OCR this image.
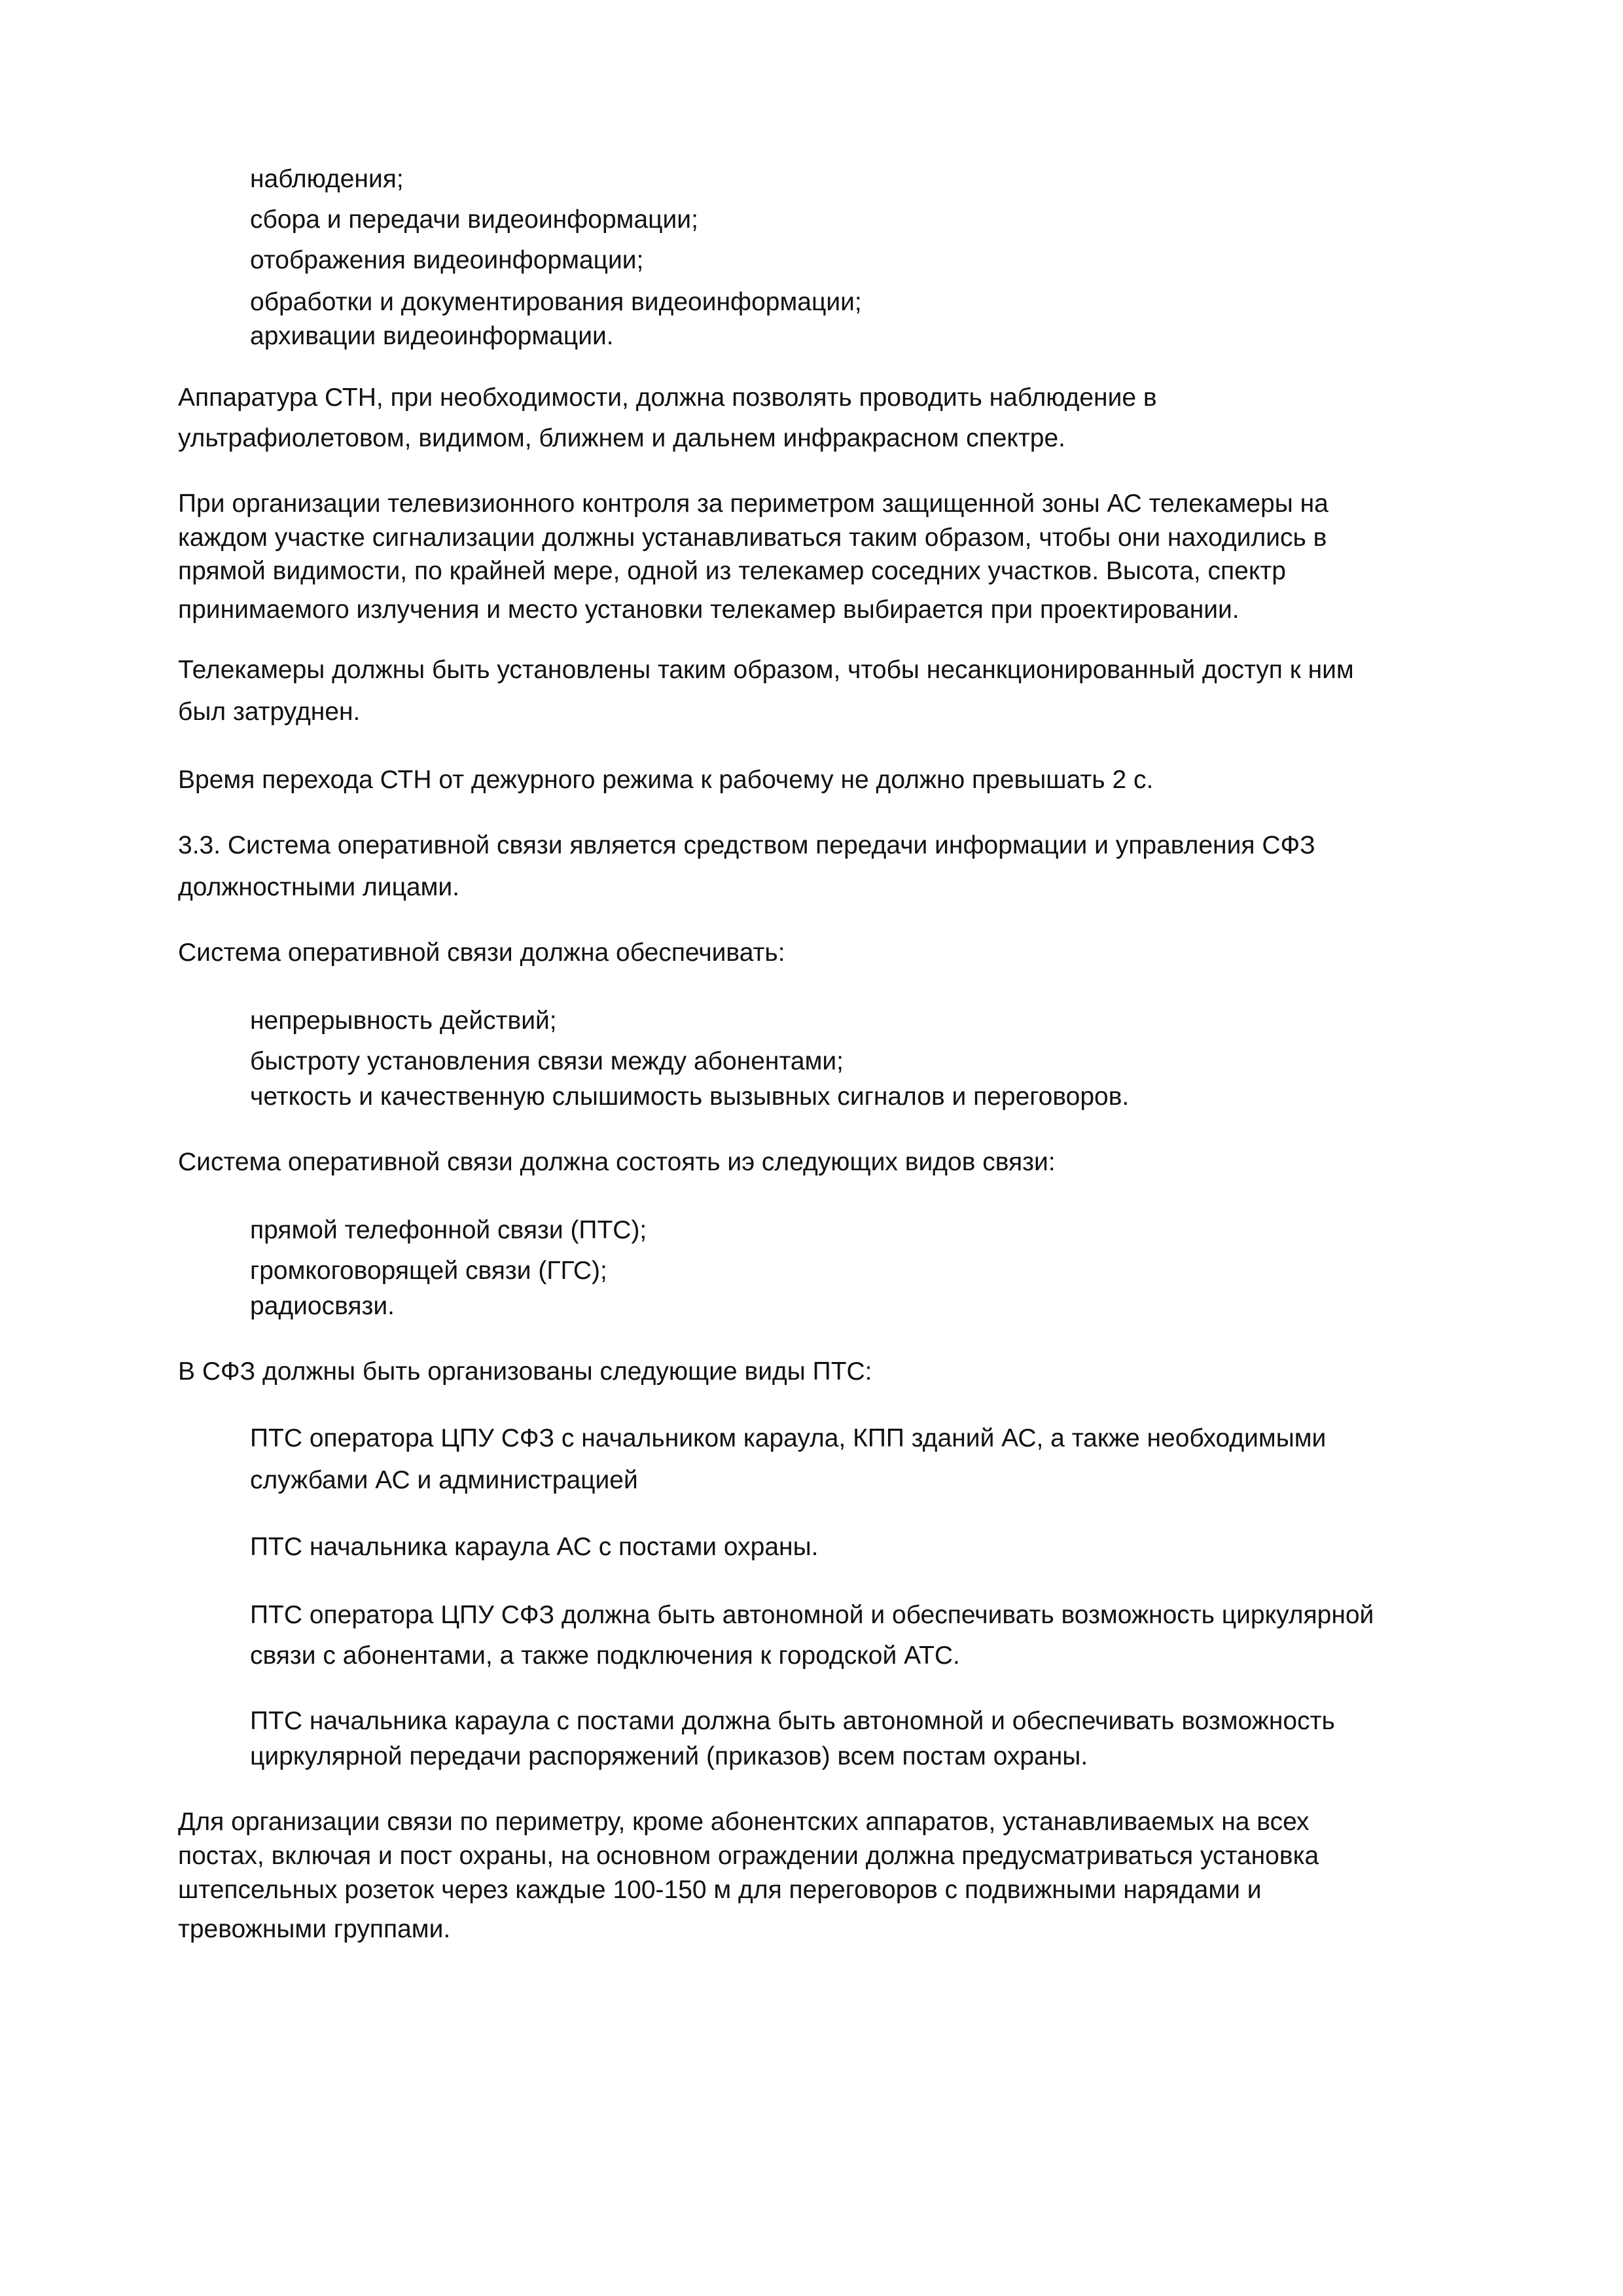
наблюдения;

сбора и передачи видеоинформации;

отображения видеоинформации;

обработки и документирования видеоинформации;

архивации видеоинформации.

Аппаратура СТН, при необходимости, должна позволять проводить наблюдение в

ультрафиолетовом, видимом, ближнем и дальнем инфракрасном спектре.

При организации телевизионного контроля за периметром защищенной зоны АС телекамеры на

каждом участке сигнализации должны устанавливаться таким образом, чтобы они находились в

прямой видимости, по крайней мере, одной из телекамер соседних участков. Высота, спектр

принимаемого излучения и место установки телекамер выбирается при проектировании.

Телекамеры должны быть установлены таким образом, чтобы несанкционированный доступ к ним

был затруднен.

Время перехода СТН от дежурного режима к рабочему не должно превышать 2 с.

3.3. Система оперативной связи является средством передачи информации и управления СФЗ

должностными лицами.

Система оперативной связи должна обеспечивать:

непрерывность действий;

быстроту установления связи между абонентами;

четкость и качественную слышимость вызывных сигналов и переговоров.

Система оперативной связи должна состоять иэ следующих видов связи:

прямой телефонной связи (ПТС);

громкоговорящей связи (ГГС);

радиосвязи.

В СФЗ должны быть организованы следующие виды ПТС:

ПТС оператора ЦПУ СФЗ с начальником караула, КПП зданий АС, а также необходимыми

службами АС и администрацией

ПТС начальника караула АС с постами охраны.

ПТС оператора ЦПУ СФЗ должна быть автономной и обеспечивать возможность циркулярной

связи с абонентами, а также подключения к городской АТС.

ПТС начальника караула с постами должна быть автономной и обеспечивать возможность

циркулярной передачи распоряжений (приказов) всем постам охраны.

Для организации связи по периметру, кроме абонентских аппаратов, устанавливаемых на всех

постах, включая и пост охраны, на основном ограждении должна предусматриваться установка

штепсельных розеток через каждые 100-150 м для переговоров с подвижными нарядами и

тревожными группами.
